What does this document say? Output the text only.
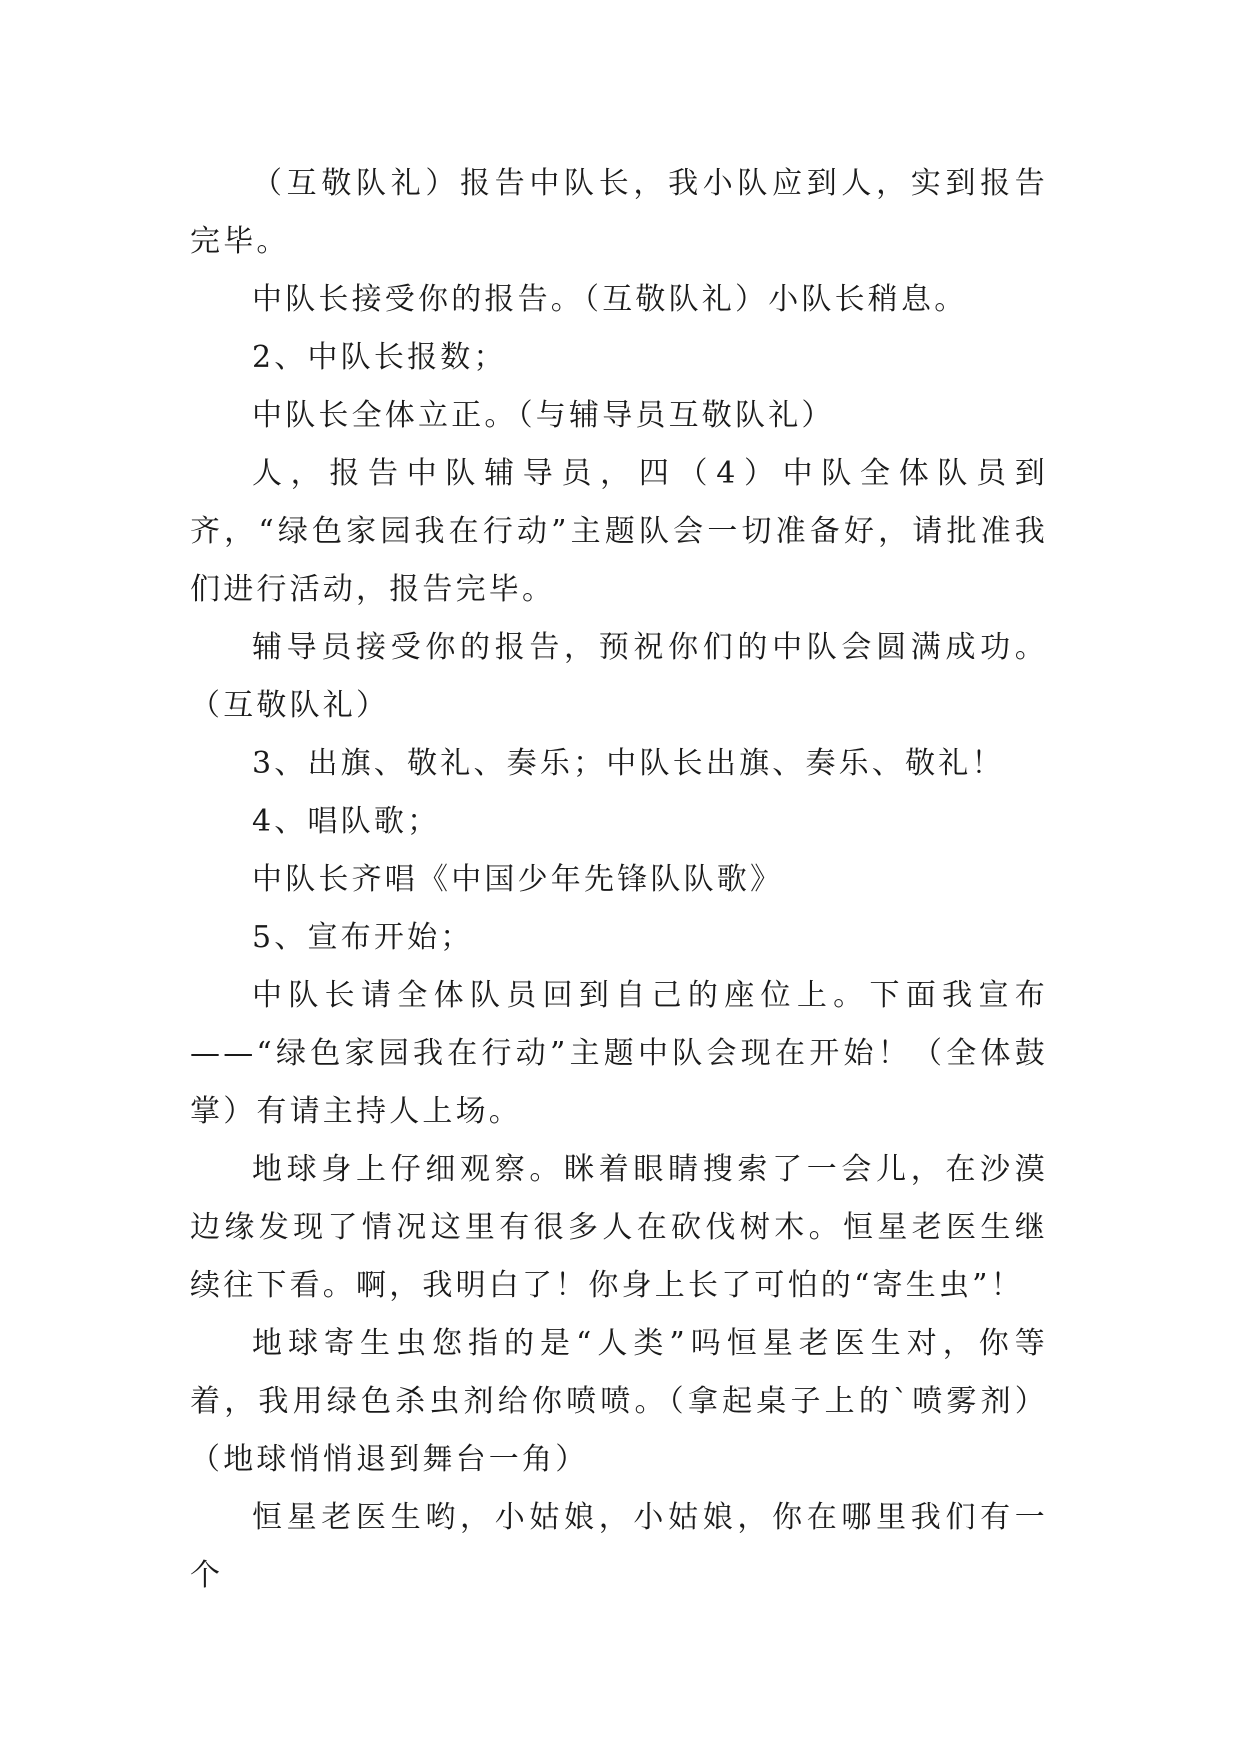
（互敬队礼）报告中队长，我小队应到人，实到报告完毕。

中队长接受你的报告。（互敬队礼）小队长稍息。

2、中队长报数；

中队长全体立正。（与辅导员互敬队礼）

人，报告中队辅导员，四（4）中队全体队员到齐，“绿色家园我在行动”主题队会一切准备好，请批准我们进行活动，报告完毕。

辅导员接受你的报告，预祝你们的中队会圆满成功。（互敬队礼）

3、出旗、敬礼、奏乐；中队长出旗、奏乐、敬礼！

4、唱队歌；

中队长齐唱《中国少年先锋队队歌》

5、宣布开始；

中队长请全体队员回到自己的座位上。下面我宣布——“绿色家园我在行动”主题中队会现在开始！（全体鼓掌）有请主持人上场。

地球身上仔细观察。眯着眼睛搜索了一会儿，在沙漠边缘发现了情况这里有很多人在砍伐树木。恒星老医生继续往下看。啊，我明白了！你身上长了可怕的“寄生虫”！

地球寄生虫您指的是“人类”吗恒星老医生对，你等着，我用绿色杀虫剂给你喷喷。（拿起桌子上的`喷雾剂）（地球悄悄退到舞台一角）

恒星老医生哟，小姑娘，小姑娘，你在哪里我们有一个
